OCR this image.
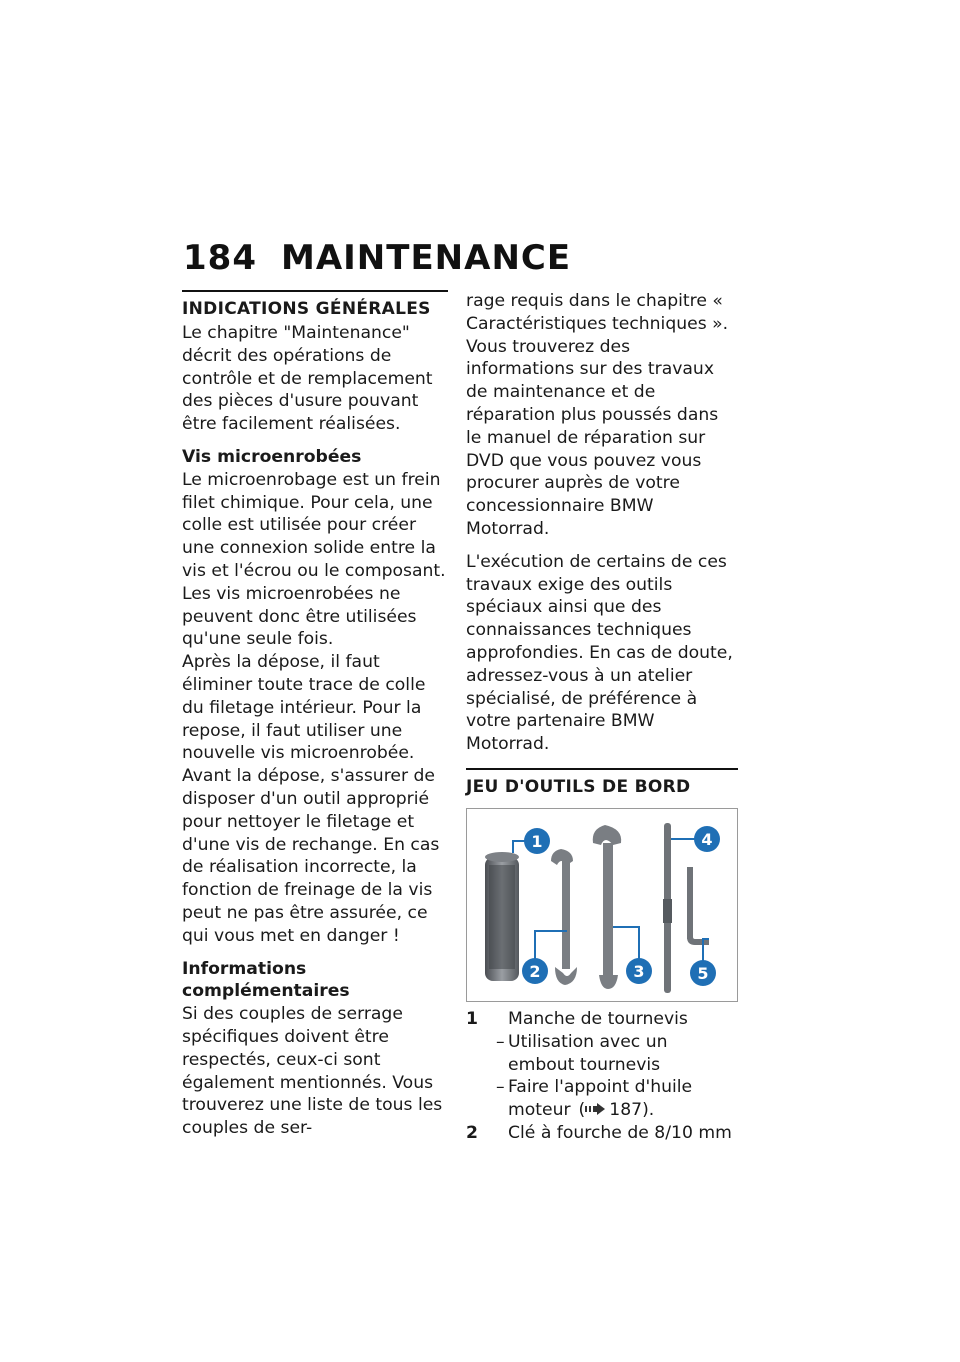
184 MAINTENANCE
INDICATIONS GÉNÉRALES

Le chapitre "Maintenance" décrit des opérations de contrôle et de remplacement des pièces d'usure pouvant être facilement réalisées.

Vis microenrobées

Le microenrobage est un frein filet chimique. Pour cela, une colle est utilisée pour créer une connexion solide entre la vis et l'écrou ou le composant. Les vis microenrobées ne peuvent donc être utilisées qu'une seule fois.

Après la dépose, il faut éliminer toute trace de colle du filetage intérieur. Pour la repose, il faut utiliser une nouvelle vis microenrobée. Avant la dépose, s'assurer de disposer d'un outil approprié pour nettoyer le filetage et d'une vis de rechange. En cas de réalisation incorrecte, la fonction de freinage de la vis peut ne pas être assurée, ce qui vous met en danger !

Informations complémentaires

Si des couples de serrage spécifiques doivent être respectés, ceux-ci sont également mentionnés. Vous trouverez une liste de tous les couples de ser-

rage requis dans le chapitre « Caractéristiques techniques ». Vous trouverez des informations sur des travaux de maintenance et de réparation plus poussés dans le manuel de réparation sur DVD que vous pouvez vous procurer auprès de votre concessionnaire BMW Motorrad.

L'exécution de certains de ces travaux exige des outils spéciaux ainsi que des connaissances techniques approfondies. En cas de doute, adressez-vous à un atelier spécialisé, de préférence à votre partenaire BMW Motorrad.

JEU D'OUTILS DE BORD
1
2	3
4
5
1	Manche de tournevis
– Utilisation avec un embout tournevis
– Faire l'appoint d'huile moteur ( 187).
2	Clé à fourche de 8/10 mm
